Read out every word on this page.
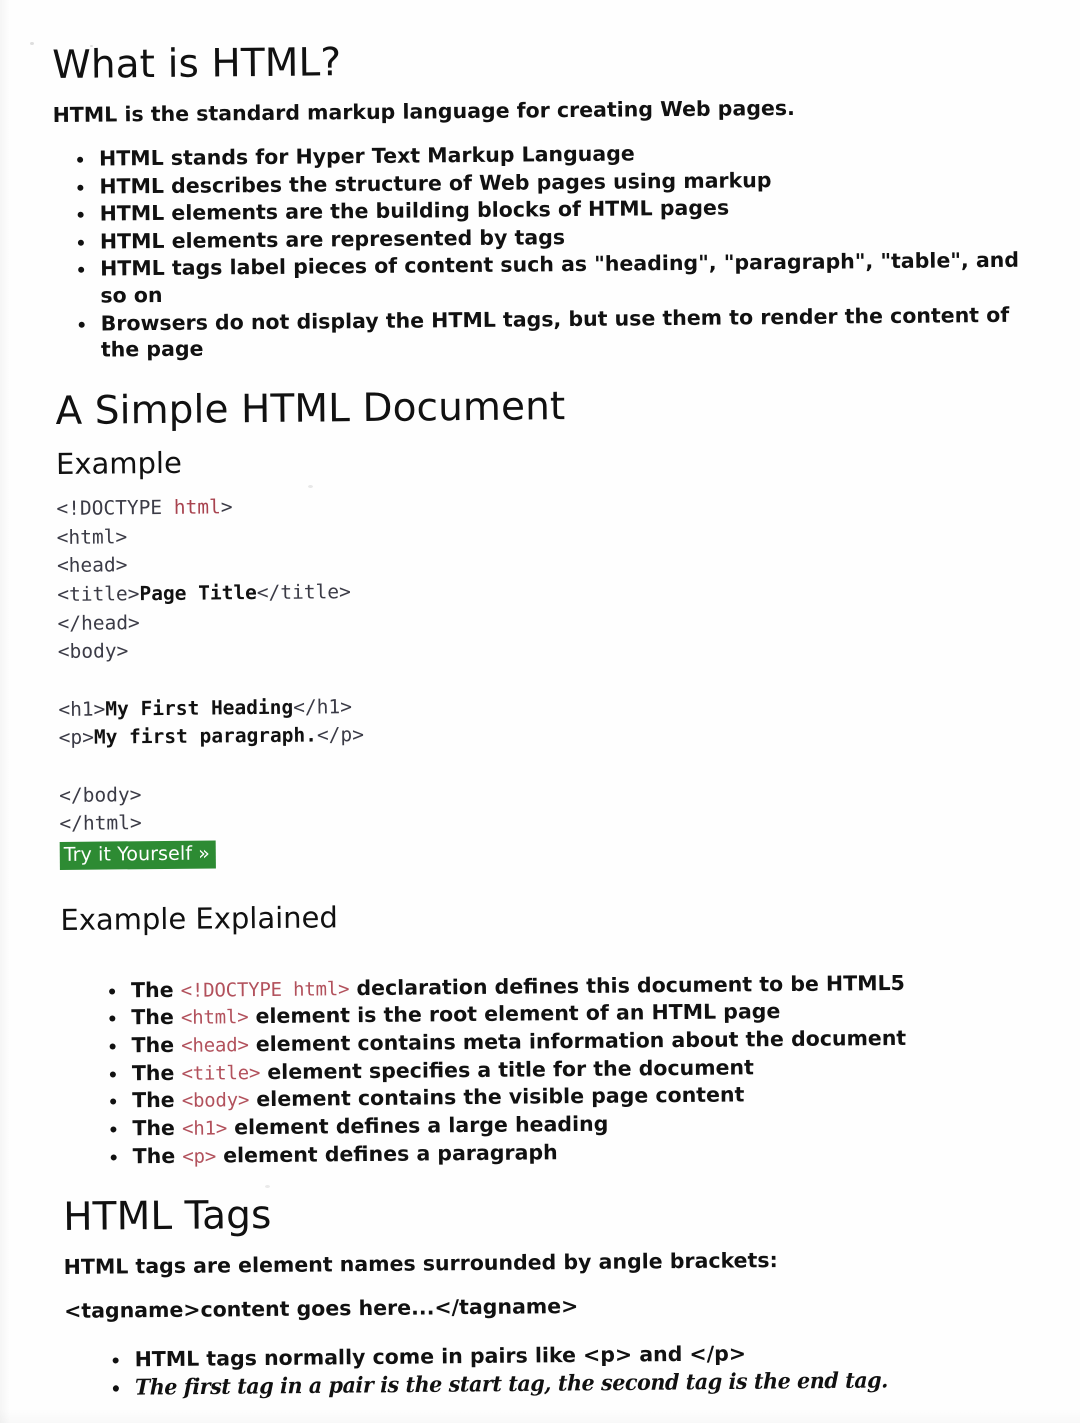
What is HTML?

HTML is the standard markup language for creating Web pages.

HTML stands for Hyper Text Markup Language
HTML describes the structure of Web pages using markup
HTML elements are the building blocks of HTML pages
HTML elements are represented by tags
HTML tags label pieces of content such as "heading", "paragraph", "table", and so on
Browsers do not display the HTML tags, but use them to render the content of the page
A Simple HTML Document
Example
<!DOCTYPE html>
<html>
<head>
<title>Page Title</title>
</head>
<body>

<h1>My First Heading</h1>
<p>My first paragraph.</p>

</body>
</html>
Try it Yourself »
Example Explained
The <!DOCTYPE html> declaration defines this document to be HTML5
The <html> element is the root element of an HTML page
The <head> element contains meta information about the document
The <title> element specifies a title for the document
The <body> element contains the visible page content
The <h1> element defines a large heading
The <p> element defines a paragraph
HTML Tags

HTML tags are element names surrounded by angle brackets:

<tagname>content goes here...</tagname>
HTML tags normally come in pairs like <p> and </p>
The first tag in a pair is the start tag, the second tag is the end tag.
